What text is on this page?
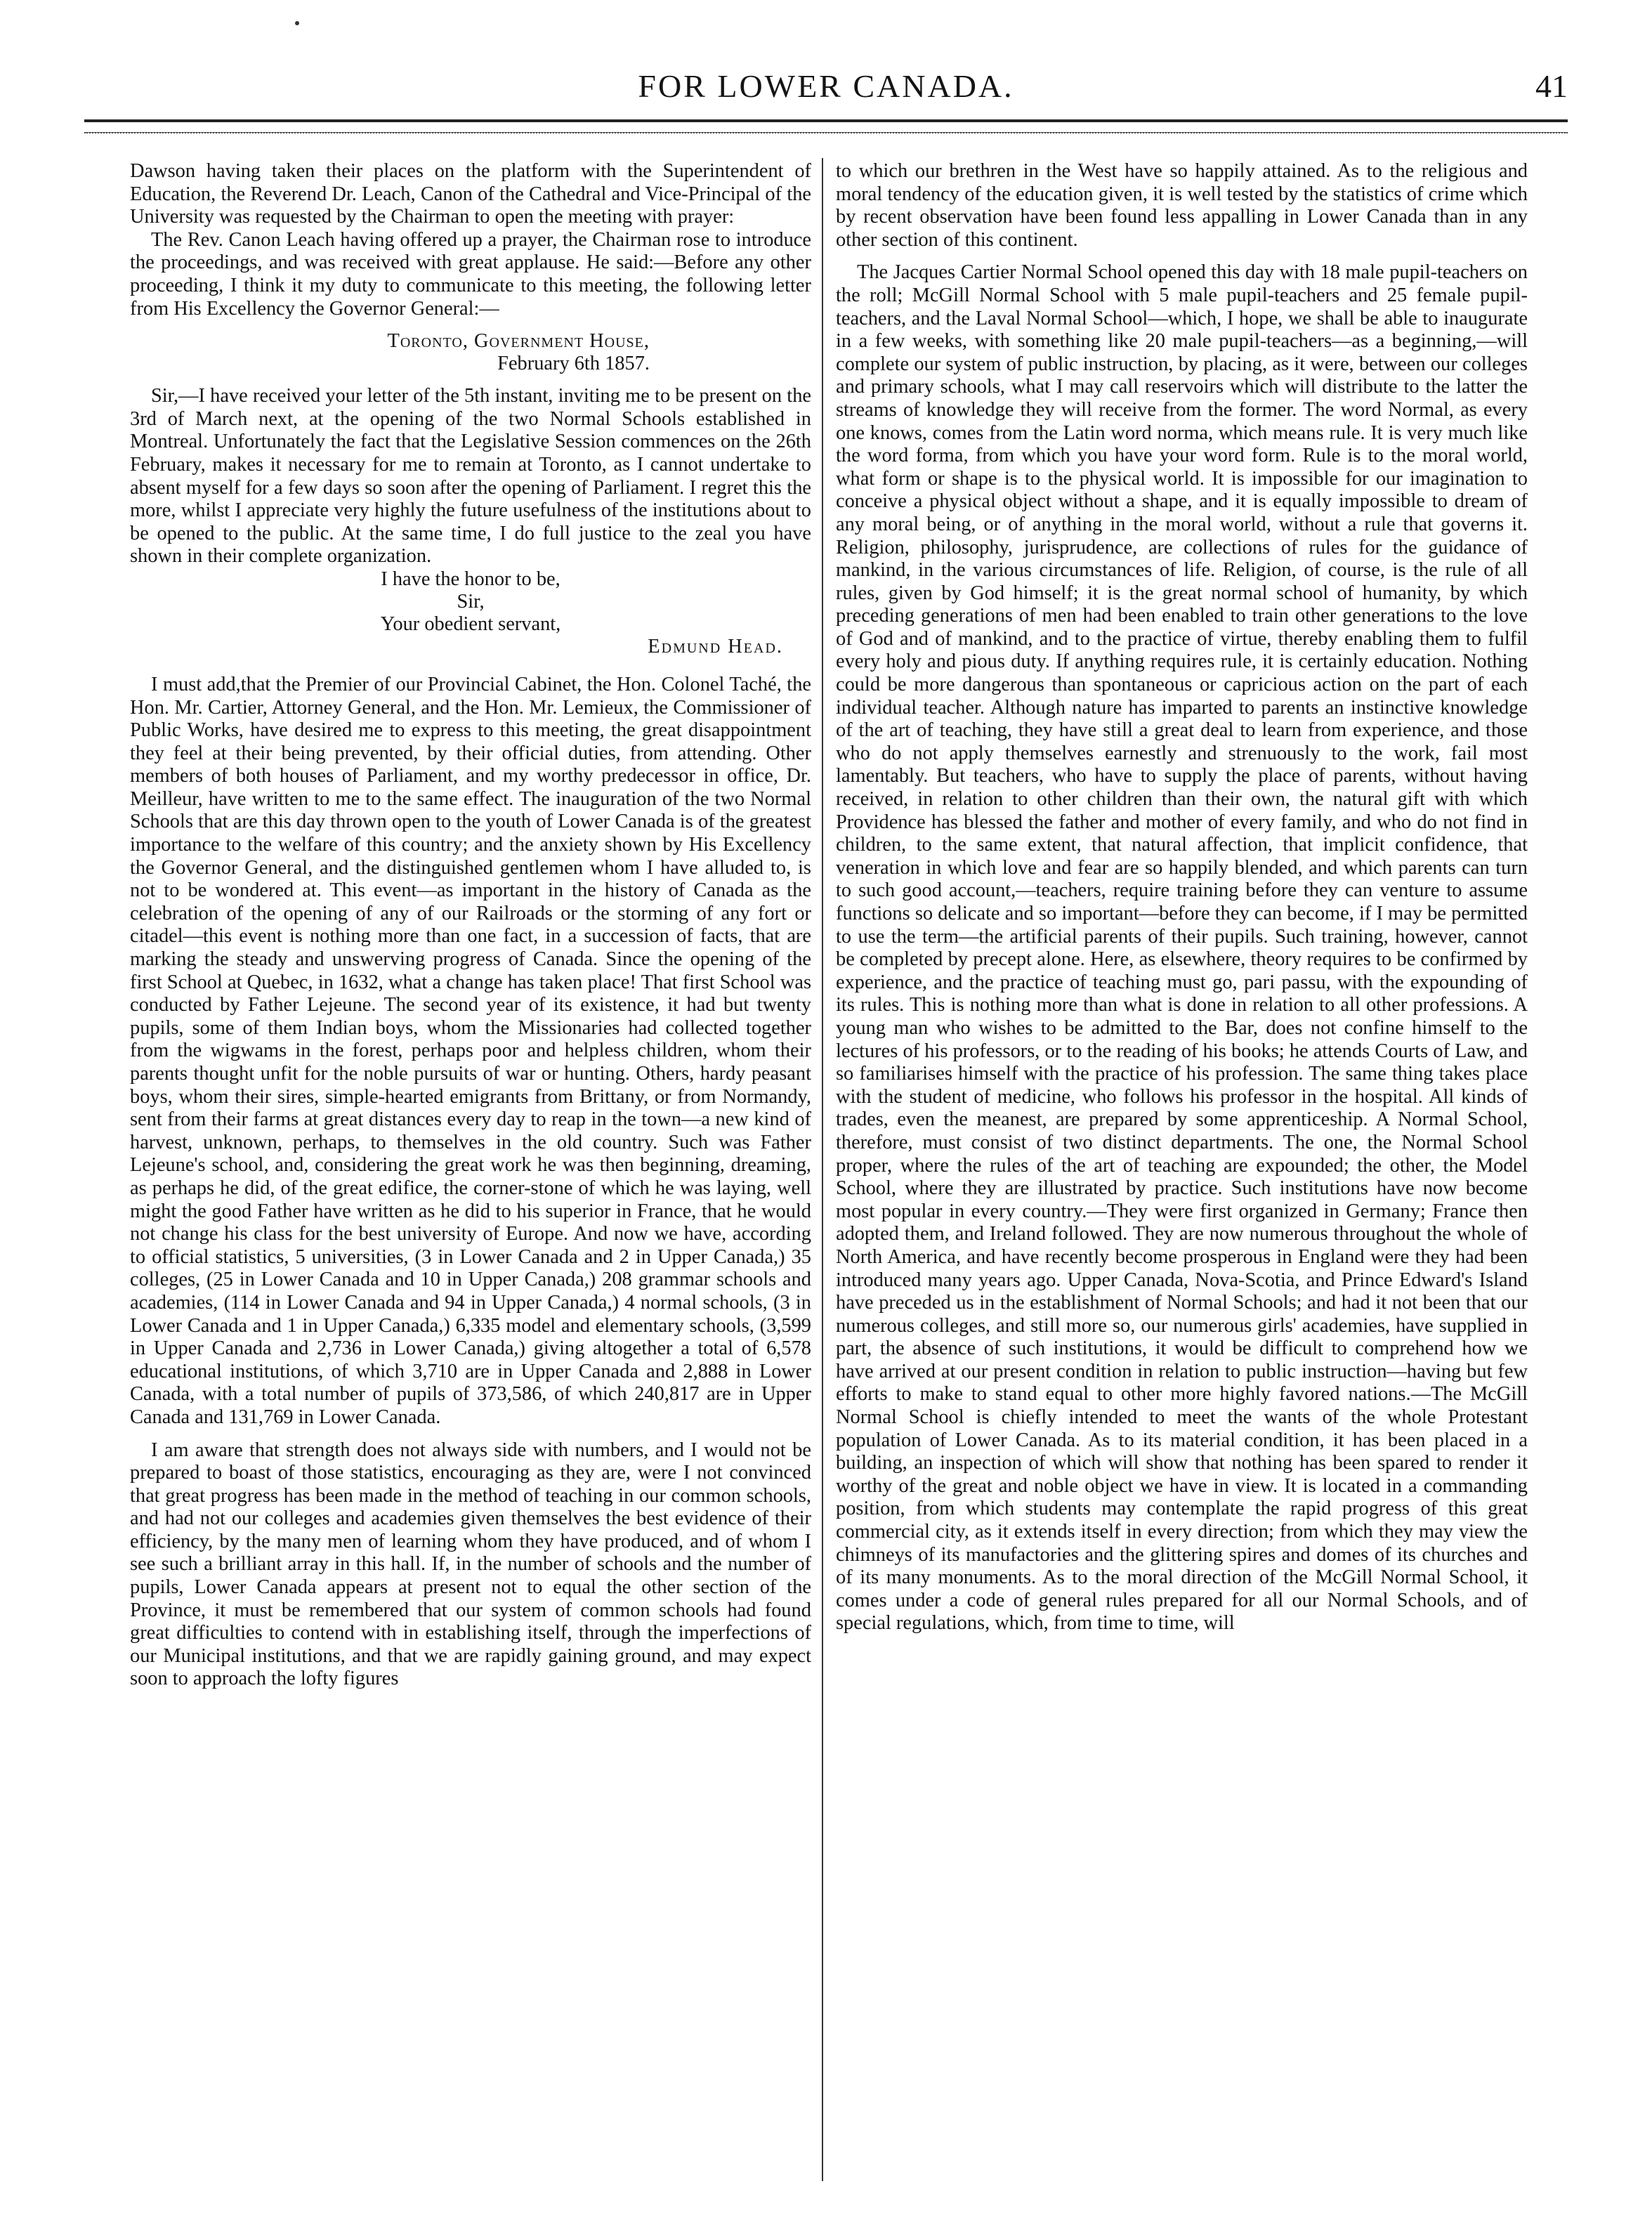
FOR LOWER CANADA.	41

Dawson having taken their places on the platform with the Superintendent of Education, the Reverend Dr. Leach, Canon of the Cathedral and Vice-Principal of the University was requested by the Chairman to open the meeting with prayer:

The Rev. Canon Leach having offered up a prayer, the Chairman rose to introduce the proceedings, and was received with great applause. He said:—Before any other proceeding, I think it my duty to communicate to this meeting, the following letter from His Excellency the Governor General:—

Toronto, Government House,
February 6th 1857.

Sir,—I have received your letter of the 5th instant, inviting me to be present on the 3rd of March next, at the opening of the two Normal Schools established in Montreal. Unfortunately the fact that the Legislative Session commences on the 26th February, makes it necessary for me to remain at Toronto, as I cannot undertake to absent myself for a few days so soon after the opening of Parliament. I regret this the more, whilst I appreciate very highly the future usefulness of the institutions about to be opened to the public. At the same time, I do full justice to the zeal you have shown in their complete organization.

I have the honor to be,
Sir,
Your obedient servant,
Edmund Head.

I must add,that the Premier of our Provincial Cabinet, the Hon. Colonel Taché, the Hon. Mr. Cartier, Attorney General, and the Hon. Mr. Lemieux, the Commissioner of Public Works, have desired me to express to this meeting, the great disappointment they feel at their being prevented, by their official duties, from attending. Other members of both houses of Parliament, and my worthy predecessor in office, Dr. Meilleur, have written to me to the same effect. The inauguration of the two Normal Schools that are this day thrown open to the youth of Lower Canada is of the greatest importance to the welfare of this country; and the anxiety shown by His Excellency the Governor General, and the distinguished gentlemen whom I have alluded to, is not to be wondered at. This event—as important in the history of Canada as the celebration of the opening of any of our Railroads or the storming of any fort or citadel—this event is nothing more than one fact, in a succession of facts, that are marking the steady and unswerving progress of Canada. Since the opening of the first School at Quebec, in 1632, what a change has taken place! That first School was conducted by Father Lejeune. The second year of its existence, it had but twenty pupils, some of them Indian boys, whom the Missionaries had collected together from the wigwams in the forest, perhaps poor and helpless children, whom their parents thought unfit for the noble pursuits of war or hunting. Others, hardy peasant boys, whom their sires, simple-hearted emigrants from Brittany, or from Normandy, sent from their farms at great distances every day to reap in the town—a new kind of harvest, unknown, perhaps, to themselves in the old country. Such was Father Lejeune's school, and, considering the great work he was then beginning, dreaming, as perhaps he did, of the great edifice, the corner-stone of which he was laying, well might the good Father have written as he did to his superior in France, that he would not change his class for the best university of Europe. And now we have, according to official statistics, 5 universities, (3 in Lower Canada and 2 in Upper Canada,) 35 colleges, (25 in Lower Canada and 10 in Upper Canada,) 208 grammar schools and academies, (114 in Lower Canada and 94 in Upper Canada,) 4 normal schools, (3 in Lower Canada and 1 in Upper Canada,) 6,335 model and elementary schools, (3,599 in Upper Canada and 2,736 in Lower Canada,) giving altogether a total of 6,578 educational institutions, of which 3,710 are in Upper Canada and 2,888 in Lower Canada, with a total number of pupils of 373,586, of which 240,817 are in Upper Canada and 131,769 in Lower Canada.

I am aware that strength does not always side with numbers, and I would not be prepared to boast of those statistics, encouraging as they are, were I not convinced that great progress has been made in the method of teaching in our common schools, and had not our colleges and academies given themselves the best evidence of their efficiency, by the many men of learning whom they have produced, and of whom I see such a brilliant array in this hall. If, in the number of schools and the number of pupils, Lower Canada appears at present not to equal the other section of the Province, it must be remembered that our system of common schools had found great difficulties to contend with in establishing itself, through the imperfections of our Municipal institutions, and that we are rapidly gaining ground, and may expect soon to approach the lofty figures

to which our brethren in the West have so happily attained. As to the religious and moral tendency of the education given, it is well tested by the statistics of crime which by recent observation have been found less appalling in Lower Canada than in any other section of this continent.

The Jacques Cartier Normal School opened this day with 18 male pupil-teachers on the roll; McGill Normal School with 5 male pupil-teachers and 25 female pupil-teachers, and the Laval Normal School—which, I hope, we shall be able to inaugurate in a few weeks, with something like 20 male pupil-teachers—as a beginning,—will complete our system of public instruction, by placing, as it were, between our colleges and primary schools, what I may call reservoirs which will distribute to the latter the streams of knowledge they will receive from the former. The word Normal, as every one knows, comes from the Latin word norma, which means rule. It is very much like the word forma, from which you have your word form. Rule is to the moral world, what form or shape is to the physical world. It is impossible for our imagination to conceive a physical object without a shape, and it is equally impossible to dream of any moral being, or of anything in the moral world, without a rule that governs it. Religion, philosophy, jurisprudence, are collections of rules for the guidance of mankind, in the various circumstances of life. Religion, of course, is the rule of all rules, given by God himself; it is the great normal school of humanity, by which preceding generations of men had been enabled to train other generations to the love of God and of mankind, and to the practice of virtue, thereby enabling them to fulfil every holy and pious duty. If anything requires rule, it is certainly education. Nothing could be more dangerous than spontaneous or capricious action on the part of each individual teacher. Although nature has imparted to parents an instinctive knowledge of the art of teaching, they have still a great deal to learn from experience, and those who do not apply themselves earnestly and strenuously to the work, fail most lamentably. But teachers, who have to supply the place of parents, without having received, in relation to other children than their own, the natural gift with which Providence has blessed the father and mother of every family, and who do not find in children, to the same extent, that natural affection, that implicit confidence, that veneration in which love and fear are so happily blended, and which parents can turn to such good account,—teachers, require training before they can venture to assume functions so delicate and so important—before they can become, if I may be permitted to use the term—the artificial parents of their pupils. Such training, however, cannot be completed by precept alone. Here, as elsewhere, theory requires to be confirmed by experience, and the practice of teaching must go, pari passu, with the expounding of its rules. This is nothing more than what is done in relation to all other professions. A young man who wishes to be admitted to the Bar, does not confine himself to the lectures of his professors, or to the reading of his books; he attends Courts of Law, and so familiarises himself with the practice of his profession. The same thing takes place with the student of medicine, who follows his professor in the hospital. All kinds of trades, even the meanest, are prepared by some apprenticeship. A Normal School, therefore, must consist of two distinct departments. The one, the Normal School proper, where the rules of the art of teaching are expounded; the other, the Model School, where they are illustrated by practice. Such institutions have now become most popular in every country.—They were first organized in Germany; France then adopted them, and Ireland followed. They are now numerous throughout the whole of North America, and have recently become prosperous in England were they had been introduced many years ago. Upper Canada, Nova-Scotia, and Prince Edward's Island have preceded us in the establishment of Normal Schools; and had it not been that our numerous colleges, and still more so, our numerous girls' academies, have supplied in part, the absence of such institutions, it would be difficult to comprehend how we have arrived at our present condition in relation to public instruction—having but few efforts to make to stand equal to other more highly favored nations.—The McGill Normal School is chiefly intended to meet the wants of the whole Protestant population of Lower Canada. As to its material condition, it has been placed in a building, an inspection of which will show that nothing has been spared to render it worthy of the great and noble object we have in view. It is located in a commanding position, from which students may contemplate the rapid progress of this great commercial city, as it extends itself in every direction; from which they may view the chimneys of its manufactories and the glittering spires and domes of its churches and of its many monuments. As to the moral direction of the McGill Normal School, it comes under a code of general rules prepared for all our Normal Schools, and of special regulations, which, from time to time, will
